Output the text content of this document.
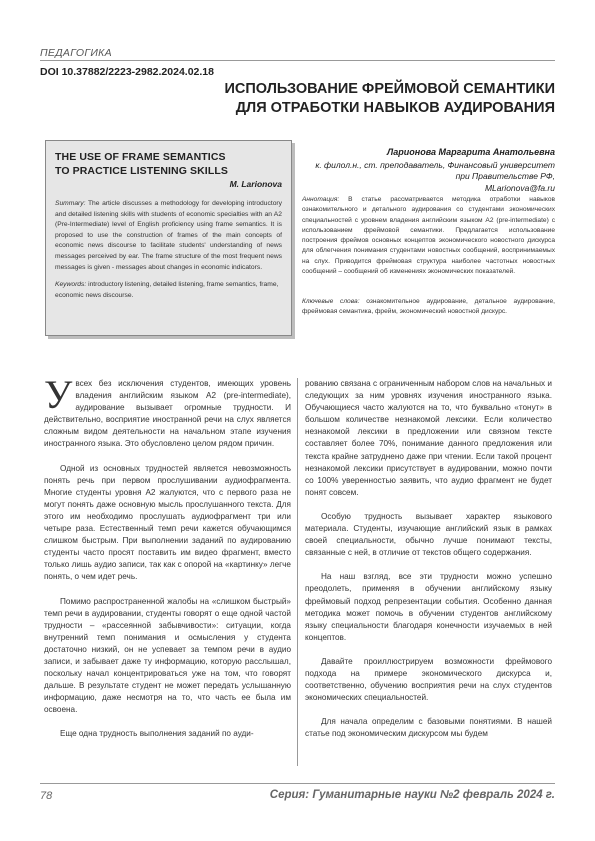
ПЕДАГОГИКА
DOI 10.37882/2223-2982.2024.02.18
ИСПОЛЬЗОВАНИЕ ФРЕЙМОВОЙ СЕМАНТИКИ
ДЛЯ ОТРАБОТКИ НАВЫКОВ АУДИРОВАНИЯ
THE USE OF FRAME SEMANTICS
TO PRACTICE LISTENING SKILLS
M. Larionova
Summary: The article discusses a methodology for developing introductory and detailed listening skills with students of economic specialties with an A2 (Pre-Intermediate) level of English proficiency using frame semantics. It is proposed to use the construction of frames of the main concepts of economic news discourse to facilitate students' understanding of news messages perceived by ear. The frame structure of the most frequent news messages is given - messages about changes in economic indicators.
Keywords: introductory listening, detailed listening, frame semantics, frame, economic news discourse.
Ларионова Маргарита Анатольевна
к. филол.н., ст. преподаватель, Финансовый университет
при Правительстве РФ,
MLarionova@fa.ru
Аннотация: В статье рассматривается методика отработки навыков ознакомительного и детального аудирования со студентами экономических специальностей с уровнем владения английским языком А2 (pre-intermediate) с использованием фреймовой семантики. Предлагается использование построения фреймов основных концептов экономического новостного дискурса для облегчения понимания студентами новостных сообщений, воспринимаемых на слух. Приводится фреймовая структура наиболее частотных новостных сообщений – сообщений об изменениях экономических показателей.
Ключевые слова: ознакомительное аудирование, детальное аудирование, фреймовая семантика, фрейм, экономический новостной дискурс.

Увсех без исключения студентов, имеющих уровень владения английским языком А2 (pre-intermediate), аудирование вызывает огромные трудности. И действительно, восприятие иностранной речи на слух является сложным видом деятельности на начальном этапе изучения иностранного языка. Это обусловлено целом рядом причин.

Одной из основных трудностей является невозможность понять речь при первом прослушивании аудиофрагмента. Многие студенты уровня А2 жалуются, что с первого раза не могут понять даже основную мысль прослушанного текста. Для этого им необходимо прослушать аудиофрагмент три или четыре раза. Естественный темп речи кажется обучающимся слишком быстрым. При выполнении заданий по аудированию студенты часто просят поставить им видео фрагмент, вместо только лишь аудио записи, так как с опорой на «картинку» легче понять, о чем идет речь.

Помимо распространенной жалобы на «слишком быстрый» темп речи в аудировании, студенты говорят о еще одной частой трудности – «рассеянной забывчивости»: ситуации, когда внутренний темп понимания и осмысления у студента достаточно низкий, он не успевает за темпом речи в аудио записи, и забывает даже ту информацию, которую расслышал, поскольку начал концентрироваться уже на том, что говорят дальше. В результате студент не может передать услышанную информацию, даже несмотря на то, что часть ее была им освоена.

Еще одна трудность выполнения заданий по ауди-

рованию связана с ограниченным набором слов на начальных и следующих за ним уровнях изучения иностранного языка. Обучающиеся часто жалуются на то, что буквально «тонут» в большом количестве незнакомой лексики. Если количество незнакомой лексики в предложении или связном тексте составляет более 70%, понимание данного предложения или текста крайне затруднено даже при чтении. Если такой процент незнакомой лексики присутствует в аудировании, можно почти со 100% уверенностью заявить, что аудио фрагмент не будет понят совсем.

Особую трудность вызывает характер языкового материала. Студенты, изучающие английский язык в рамках своей специальности, обычно лучше понимают тексты, связанные с ней, в отличие от текстов общего содержания.

На наш взгляд, все эти трудности можно успешно преодолеть, применяя в обучении английскому языку фреймовый подход репрезентации события. Особенно данная методика может помочь в обучении студентов английскому языку специальности благодаря конечности изучаемых в ней концептов.

Давайте проиллюстрируем возможности фреймового подхода на примере экономического дискурса и, соответственно, обучению восприятия речи на слух студентов экономических специальностей.

Для начала определим с базовыми понятиями. В нашей статье под экономическим дискурсом мы будем

78	Серия: Гуманитарные науки №2 февраль 2024 г.
